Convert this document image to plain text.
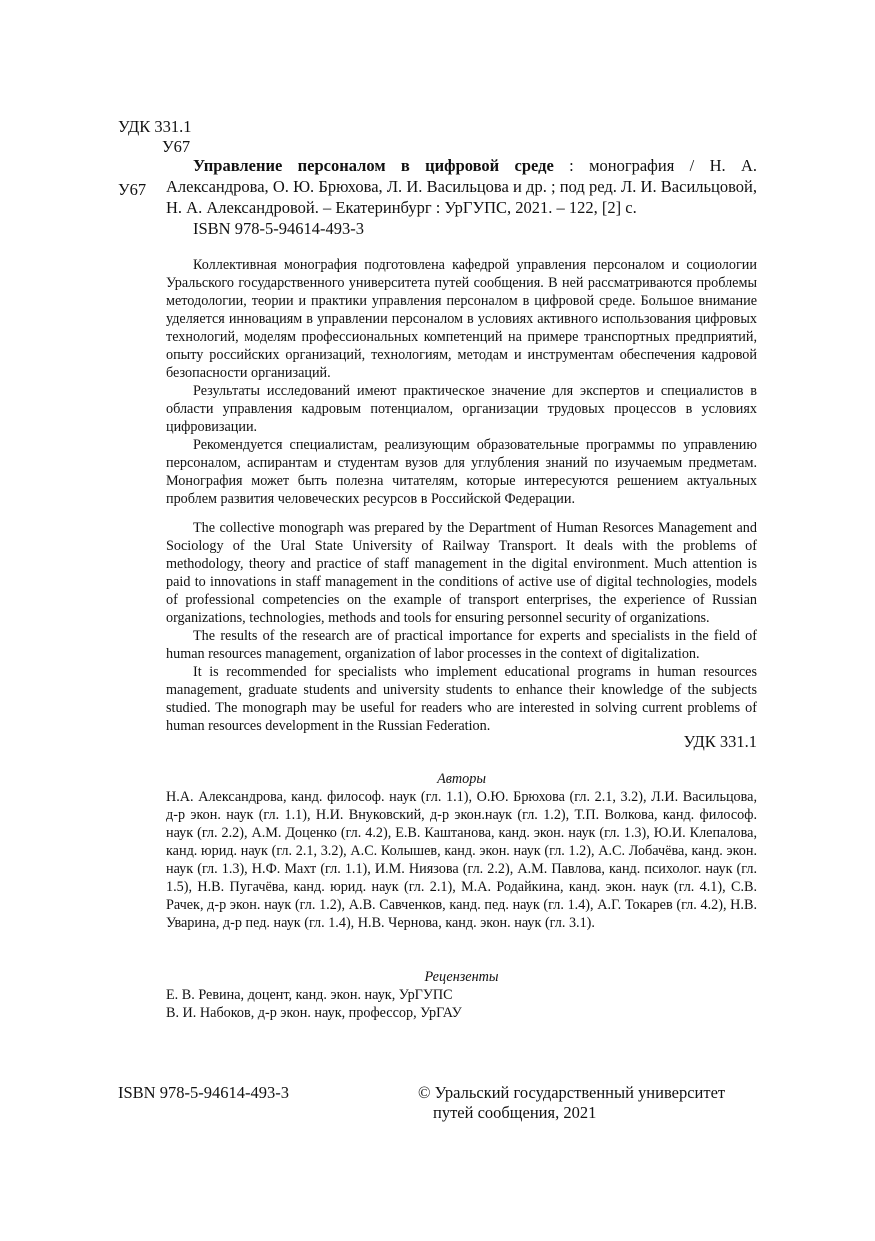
УДК 331.1
У67
У67
Управление персоналом в цифровой среде : монография / Н. А. Александрова, О. Ю. Брюхова, Л. И. Васильцова и др. ; под ред. Л. И. Васильцовой, Н. А. Александровой. – Екатеринбург : УрГУПС, 2021. – 122, [2] с.
ISBN 978-5-94614-493-3

Коллективная монография подготовлена кафедрой управления персоналом и социологии Уральского государственного университета путей сообщения. В ней рассматриваются проблемы методологии, теории и практики управления персоналом в цифровой среде. Большое внимание уделяется инновациям в управлении персоналом в условиях активного использования цифровых технологий, моделям профессиональных компетенций на примере транспортных предприятий, опыту российских организаций, технологиям, методам и инструментам обеспечения кадровой безопасности организаций.

Результаты исследований имеют практическое значение для экспертов и специалистов в области управления кадровым потенциалом, организации трудовых процессов в условиях цифровизации.

Рекомендуется специалистам, реализующим образовательные программы по управлению персоналом, аспирантам и студентам вузов для углубления знаний по изучаемым предметам. Монография может быть полезна читателям, которые интересуются решением актуальных проблем развития человеческих ресурсов в Российской Федерации.

The collective monograph was prepared by the Department of Human Resorces Management and Sociology of the Ural State University of Railway Transport. It deals with the problems of methodology, theory and practice of staff management in the digital environment. Much attention is paid to innovations in staff management in the conditions of active use of digital technologies, models of professional competencies on the example of transport enterprises, the experience of Russian organizations, technologies, methods and tools for ensuring personnel security of organizations.

The results of the research are of practical importance for experts and specialists in the field of human resources management, organization of labor processes in the context of digitalization.

It is recommended for specialists who implement educational programs in human resources management, graduate students and university students to enhance their knowledge of the subjects studied. The monograph may be useful for readers who are interested in solving current problems of human resources development in the Russian Federation.

УДК 331.1
Авторы
Н.А. Александрова, канд. философ. наук (гл. 1.1), О.Ю. Брюхова (гл. 2.1, 3.2), Л.И. Васильцова, д-р экон. наук (гл. 1.1), Н.И. Внуковский, д-р экон.наук (гл. 1.2), Т.П. Волкова, канд. философ. наук (гл. 2.2), А.М. Доценко (гл. 4.2), Е.В. Каштанова, канд. экон. наук (гл. 1.3), Ю.И. Клепалова, канд. юрид. наук (гл. 2.1, 3.2), А.С. Колышев, канд. экон. наук (гл. 1.2), А.С. Лобачёва, канд. экон. наук (гл. 1.3), Н.Ф. Махт (гл. 1.1), И.М. Ниязова (гл. 2.2), А.М. Павлова, канд. психолог. наук (гл. 1.5), Н.В. Пугачёва, канд. юрид. наук (гл. 2.1), М.А. Родайкина, канд. экон. наук (гл. 4.1), С.В. Рачек, д-р экон. наук (гл. 1.2), А.В. Савченков, канд. пед. наук (гл. 1.4), А.Г. Токарев (гл. 4.2), Н.В. Уварина, д-р пед. наук (гл. 1.4), Н.В. Чернова, канд. экон. наук (гл. 3.1).
Рецензенты
Е. В. Ревина, доцент, канд. экон. наук, УрГУПС
В. И. Набоков, д-р экон. наук, профессор, УрГАУ
ISBN 978-5-94614-493-3	© Уральский государственный университет
путей сообщения, 2021
